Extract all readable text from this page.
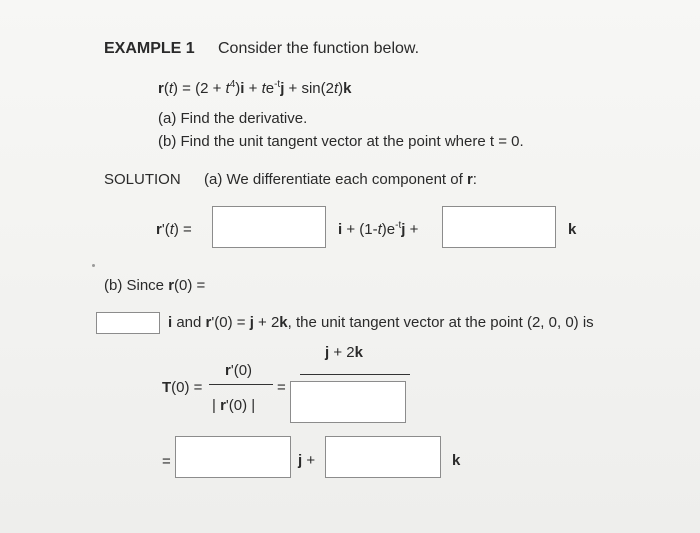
EXAMPLE 1 Consider the function below.
$r(t) = (2 + t^4)i + te^{-t}j + \sin(2t)k$
(a) Find the derivative.
(b) Find the unit tangent vector at the point where t = 0.
SOLUTION (a) We differentiate each component of r:
r'(t) =	$i + (1-t)e^{-t}j$ +	k
(b) Since r(0) =
i and r'(0) = j + 2k, the unit tangent vector at the point (2, 0, 0) is
T(0) =
r'(0)
| r'(0) |
=
j + 2k
=	j +	k
